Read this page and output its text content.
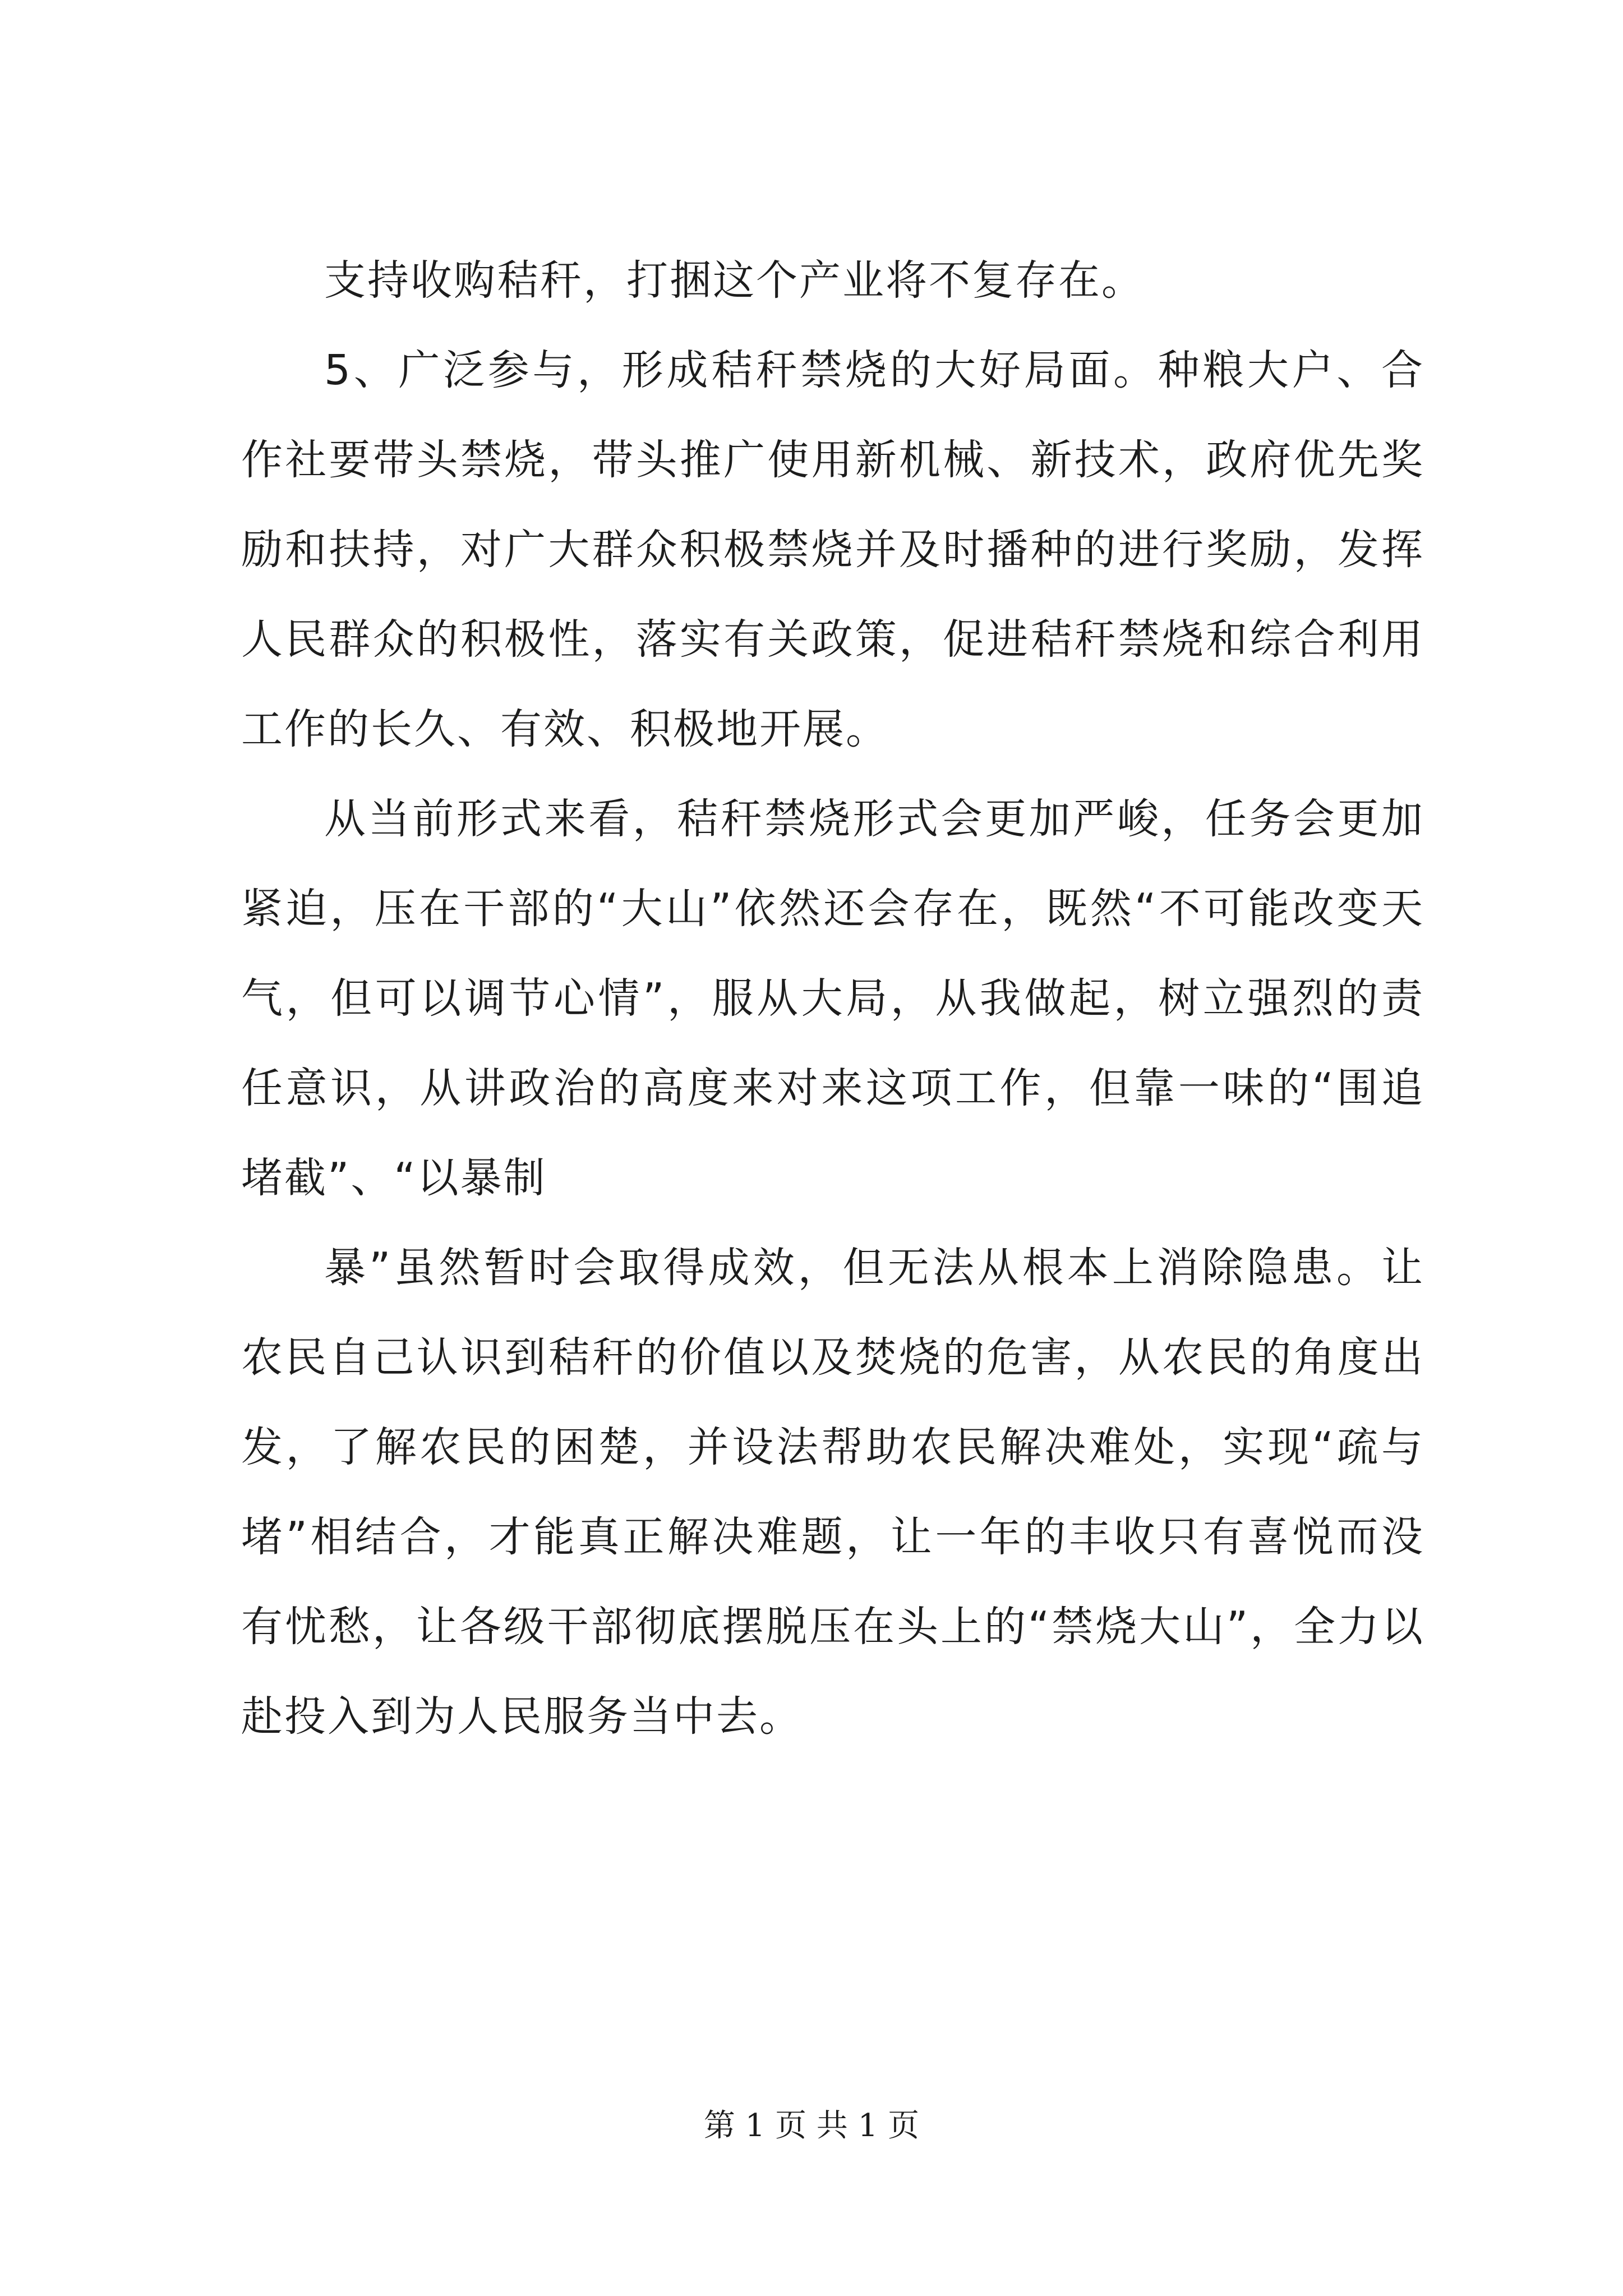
支持收购秸秆，打捆这个产业将不复存在。

5、广泛参与，形成秸秆禁烧的大好局面。种粮大户、合作社要带头禁烧，带头推广使用新机械、新技术，政府优先奖励和扶持，对广大群众积极禁烧并及时播种的进行奖励，发挥人民群众的积极性，落实有关政策，促进秸秆禁烧和综合利用工作的长久、有效、积极地开展。

从当前形式来看，秸秆禁烧形式会更加严峻，任务会更加紧迫，压在干部的“大山”依然还会存在，既然“不可能改变天气，但可以调节心情”，服从大局，从我做起，树立强烈的责任意识，从讲政治的高度来对来这项工作，但靠一味的“围追堵截”、“以暴制

暴”虽然暂时会取得成效，但无法从根本上消除隐患。让农民自己认识到秸秆的价值以及焚烧的危害，从农民的角度出发，了解农民的困楚，并设法帮助农民解决难处，实现“疏与堵”相结合，才能真正解决难题，让一年的丰收只有喜悦而没有忧愁，让各级干部彻底摆脱压在头上的“禁烧大山”，全力以赴投入到为人民服务当中去。

第 1 页 共 1 页
